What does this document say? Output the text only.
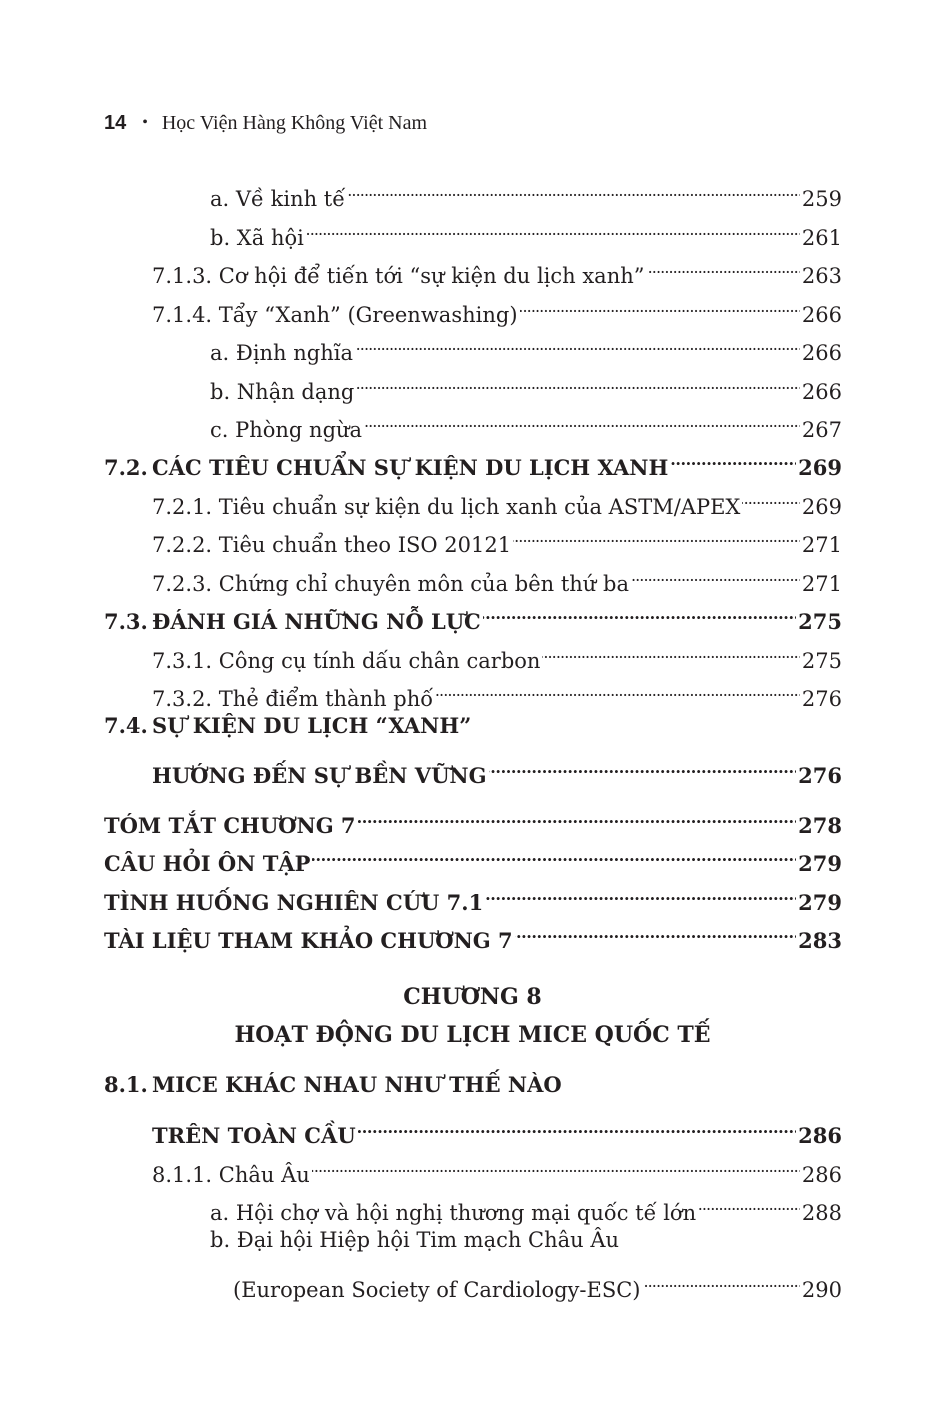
14 • Học Viện Hàng Không Việt Nam
a. Về kinh tế . . .	259
b. Xã hội . . .	261
7.1.3. Cơ hội để tiến tới “sự kiện du lịch xanh” . . .	263
7.1.4. Tẩy “Xanh” (Greenwashing) . . .	266
a. Định nghĩa . . .	266
b. Nhận dạng . . .	266
c. Phòng ngừa . . .	267
7.2. CÁC TIÊU CHUẨN SỰ KIỆN DU LỊCH XANH . . .	269
7.2.1. Tiêu chuẩn sự kiện du lịch xanh của ASTM/APEX . . .	269
7.2.2. Tiêu chuẩn theo ISO 20121 . . .	271
7.2.3. Chứng chỉ chuyên môn của bên thứ ba . . .	271
7.3. ĐÁNH GIÁ NHỮNG NỖ LỰC . . .	275
7.3.1. Công cụ tính dấu chân carbon . . .	275
7.3.2. Thẻ điểm thành phố . . .	276
7.4. SỰ KIỆN DU LỊCH “XANH”
HƯỚNG ĐẾN SỰ BỀN VỮNG . . .	276
TÓM TẮT CHƯƠNG 7 . . .	278
CÂU HỎI ÔN TẬP . . .	279
TÌNH HUỐNG NGHIÊN CỨU 7.1 . . .	279
TÀI LIỆU THAM KHẢO CHƯƠNG 7 . . .	283
CHƯƠNG 8
HOẠT ĐỘNG DU LỊCH MICE QUỐC TẾ
8.1. MICE KHÁC NHAU NHƯ THẾ NÀO
TRÊN TOÀN CẦU . . .	286
8.1.1. Châu Âu . . .	286
a. Hội chợ và hội nghị thương mại quốc tế lớn . . .	288
b. Đại hội Hiệp hội Tim mạch Châu Âu
(European Society of Cardiology-ESC) . . .	290
